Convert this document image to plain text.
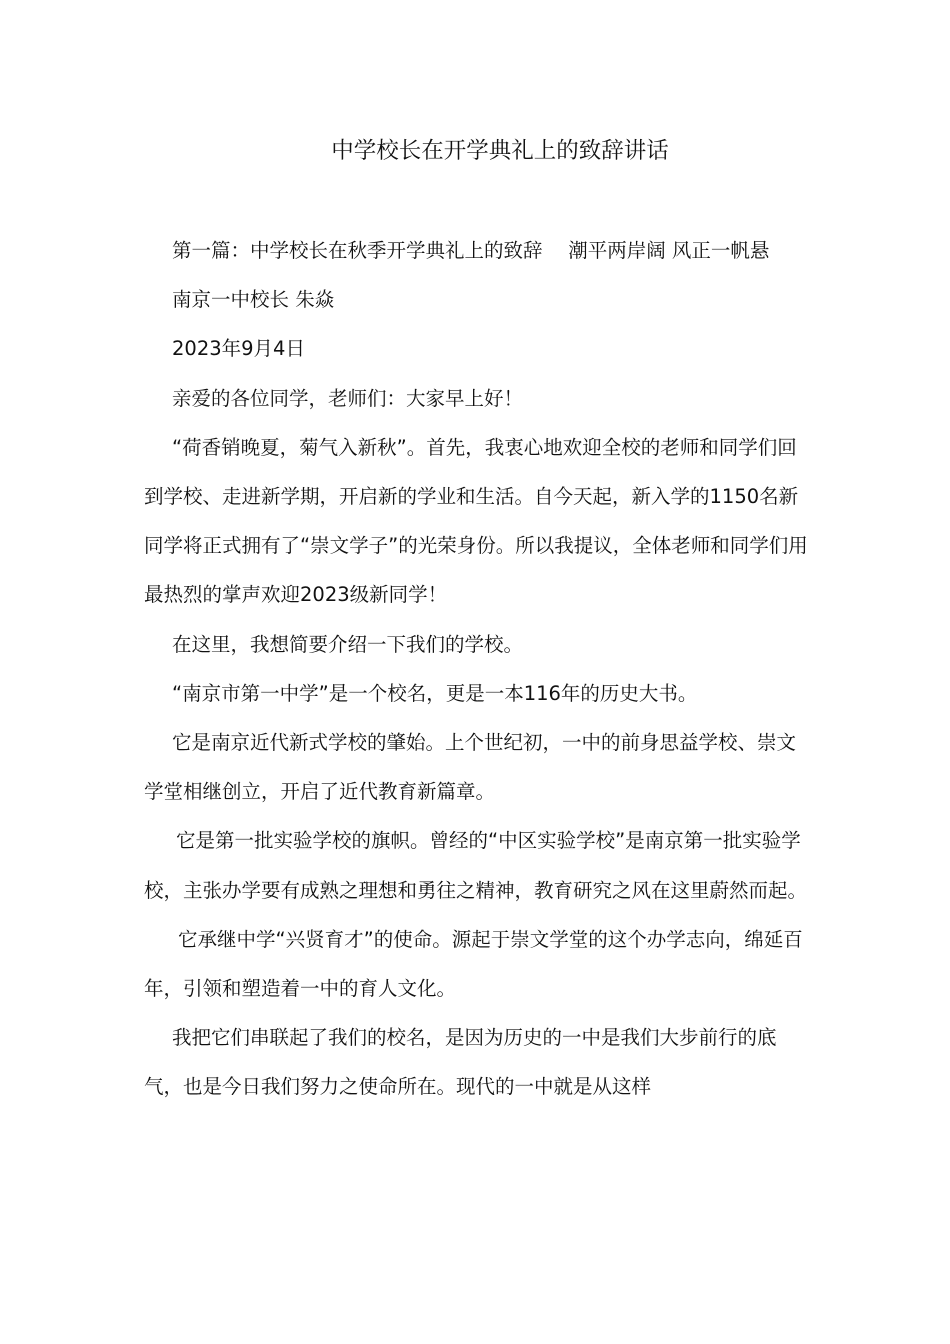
中学校长在开学典礼上的致辞讲话

第一篇：中学校长在秋季开学典礼上的致辞　 潮平两岸阔 风正一帆悬

南京一中校长 朱焱

2023年9月4日

亲爱的各位同学，老师们：大家早上好！

“荷香销晚夏，菊气入新秋”。首先，我衷心地欢迎全校的老师和同学们回到学校、走进新学期，开启新的学业和生活。自今天起，新入学的1150名新同学将正式拥有了“崇文学子”的光荣身份。所以我提议，全体老师和同学们用最热烈的掌声欢迎2023级新同学！

在这里，我想简要介绍一下我们的学校。

“南京市第一中学”是一个校名，更是一本116年的历史大书。

它是南京近代新式学校的肇始。上个世纪初，一中的前身思益学校、崇文学堂相继创立，开启了近代教育新篇章。

它是第一批实验学校的旗帜。曾经的“中区实验学校”是南京第一批实验学校，主张办学要有成熟之理想和勇往之精神，教育研究之风在这里蔚然而起。

它承继中学“兴贤育才”的使命。源起于崇文学堂的这个办学志向，绵延百年，引领和塑造着一中的育人文化。

我把它们串联起了我们的校名，是因为历史的一中是我们大步前行的底气，也是今日我们努力之使命所在。现代的一中就是从这样
